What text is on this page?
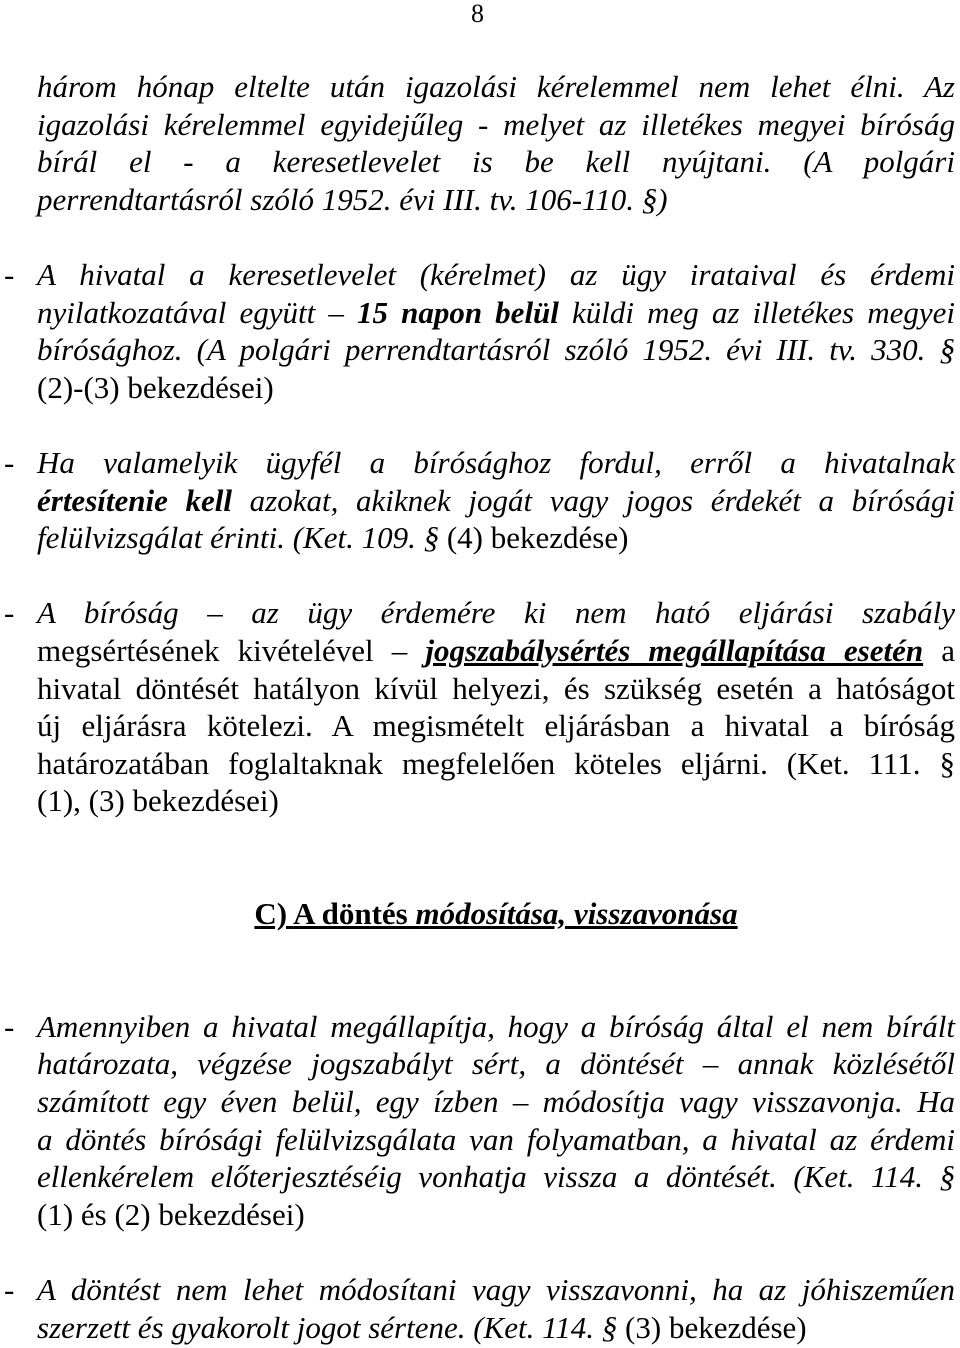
8
három hónap eltelte után igazolási kérelemmel nem lehet élni. Az
igazolási kérelemmel egyidejűleg - melyet az illetékes megyei bíróság
bírál el - a keresetlevelet is be kell nyújtani. (A polgári
perrendtartásról szóló 1952. évi III. tv. 106-110. §)
- A hivatal a keresetlevelet (kérelmet) az ügy irataival és érdemi
nyilatkozatával együtt – 15 napon belül küldi meg az illetékes megyei
bírósághoz. (A polgári perrendtartásról szóló 1952. évi III. tv. 330. §
(2)-(3) bekezdései)
- Ha valamelyik ügyfél a bírósághoz fordul, erről a hivatalnak
értesítenie kell azokat, akiknek jogát vagy jogos érdekét a bírósági
felülvizsgálat érinti. (Ket. 109. § (4) bekezdése)
- A bíróság – az ügy érdemére ki nem ható eljárási szabály
megsértésének kivételével – jogszabálysértés megállapítása esetén a
hivatal döntését hatályon kívül helyezi, és szükség esetén a hatóságot
új eljárásra kötelezi. A megismételt eljárásban a hivatal a bíróság
határozatában foglaltaknak megfelelően köteles eljárni. (Ket. 111. §
(1), (3) bekezdései)
C) A döntés módosítása, visszavonása
- Amennyiben a hivatal megállapítja, hogy a bíróság által el nem bírált
határozata, végzése jogszabályt sért, a döntését – annak közlésétől
számított egy éven belül, egy ízben – módosítja vagy visszavonja. Ha
a döntés bírósági felülvizsgálata van folyamatban, a hivatal az érdemi
ellenkérelem előterjesztéséig vonhatja vissza a döntését. (Ket. 114. §
(1) és (2) bekezdései)
- A döntést nem lehet módosítani vagy visszavonni, ha az jóhiszeműen
szerzett és gyakorolt jogot sértene. (Ket. 114. § (3) bekezdése)
